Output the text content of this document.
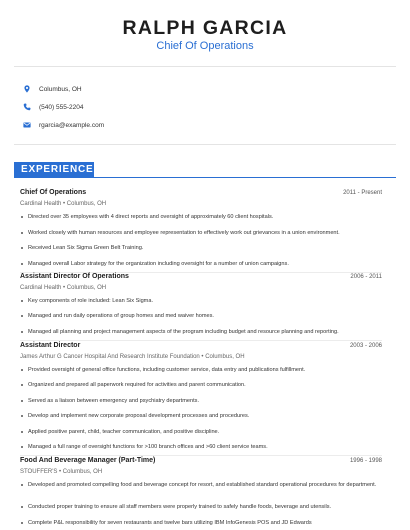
RALPH GARCIA
Chief Of Operations
Columbus, OH
(540) 555-2204
rgarcia@example.com
EXPERIENCE
Chief Of Operations	2011 - Present
Cardinal Health • Columbus, OH
Directed over 35 employees with 4 direct reports and oversight of approximately 60 client hospitals.
Worked closely with human resources and employee representation to effectively work out grievances in a union environment.
Received Lean Six Sigma Green Belt Training.
Managed overall Labor strategy for the organization including oversight for a number of union campaigns.
Assistant Director Of Operations	2006 - 2011
Cardinal Health • Columbus, OH
Key components of role included: Lean Six Sigma.
Managed and run daily operations of group homes and med waiver homes.
Managed all planning and project management aspects of the program including budget and resource planning and reporting.
Assistant Director	2003 - 2006
James Arthur G Cancer Hospital And Research Institute Foundation • Columbus, OH
Provided oversight of general office functions, including customer service, data entry and publications fulfillment.
Organized and prepared all paperwork required for activities and parent communication.
Served as a liaison between emergency and psychiatry departments.
Develop and implement new corporate proposal development processes and procedures.
Applied positive parent, child, teacher communication, and positive discipline.
Managed a full range of oversight functions for >100 branch offices and >60 client service teams.
Food And Beverage Manager (Part-Time)	1996 - 1998
STOUFFER'S • Columbus, OH
Developed and promoted compelling food and beverage concept for resort, and established standard operational procedures for department.
Conducted proper training to ensure all staff members were properly trained to safely handle foods, beverage and utensils.
Complete P&L responsibility for seven restaurants and twelve bars utilizing IBM InfoGenesis POS and JD Edwards
